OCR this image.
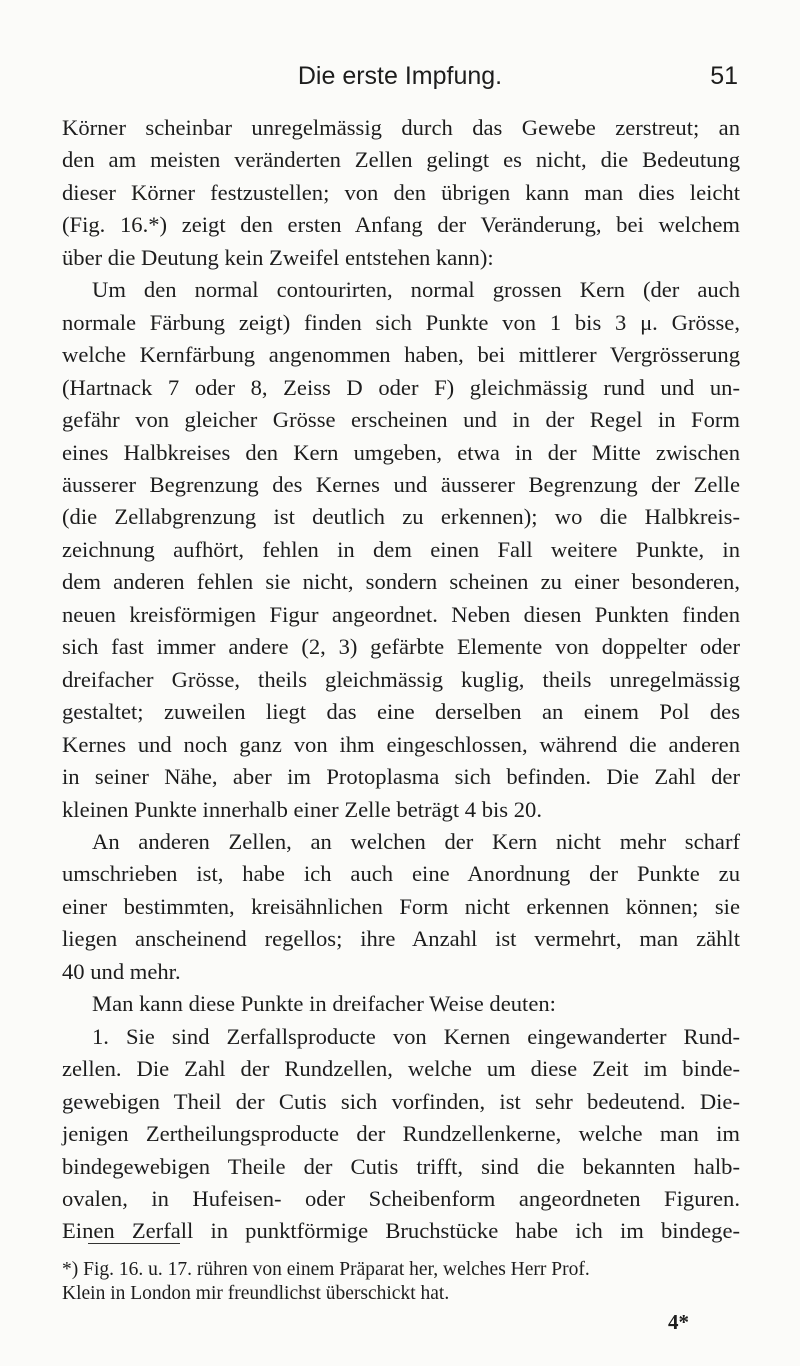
Die erste Impfung.	51

Körner scheinbar unregelmässig durch das Gewebe zerstreut; an

den am meisten veränderten Zellen gelingt es nicht, die Bedeutung

dieser Körner festzustellen; von den übrigen kann man dies leicht

(Fig. 16.*) zeigt den ersten Anfang der Veränderung, bei welchem

über die Deutung kein Zweifel entstehen kann):

Um den normal contourirten, normal grossen Kern (der auch

normale Färbung zeigt) finden sich Punkte von 1 bis 3 μ. Grösse,

welche Kernfärbung angenommen haben, bei mittlerer Vergrösserung

(Hartnack 7 oder 8, Zeiss D oder F) gleichmässig rund und un-

gefähr von gleicher Grösse erscheinen und in der Regel in Form

eines Halbkreises den Kern umgeben, etwa in der Mitte zwischen

äusserer Begrenzung des Kernes und äusserer Begrenzung der Zelle

(die Zellabgrenzung ist deutlich zu erkennen); wo die Halbkreis-

zeichnung aufhört, fehlen in dem einen Fall weitere Punkte, in

dem anderen fehlen sie nicht, sondern scheinen zu einer besonderen,

neuen kreisförmigen Figur angeordnet. Neben diesen Punkten finden

sich fast immer andere (2, 3) gefärbte Elemente von doppelter oder

dreifacher Grösse, theils gleichmässig kuglig, theils unregelmässig

gestaltet; zuweilen liegt das eine derselben an einem Pol des

Kernes und noch ganz von ihm eingeschlossen, während die anderen

in seiner Nähe, aber im Protoplasma sich befinden. Die Zahl der

kleinen Punkte innerhalb einer Zelle beträgt 4 bis 20.

An anderen Zellen, an welchen der Kern nicht mehr scharf

umschrieben ist, habe ich auch eine Anordnung der Punkte zu

einer bestimmten, kreisähnlichen Form nicht erkennen können; sie

liegen anscheinend regellos; ihre Anzahl ist vermehrt, man zählt

40 und mehr.

Man kann diese Punkte in dreifacher Weise deuten:

1. Sie sind Zerfallsproducte von Kernen eingewanderter Rund-

zellen. Die Zahl der Rundzellen, welche um diese Zeit im binde-

gewebigen Theil der Cutis sich vorfinden, ist sehr bedeutend. Die-

jenigen Zertheilungsproducte der Rundzellenkerne, welche man im

bindegewebigen Theile der Cutis trifft, sind die bekannten halb-

ovalen, in Hufeisen- oder Scheibenform angeordneten Figuren.

Einen Zerfall in punktförmige Bruchstücke habe ich im bindege-

*) Fig. 16. u. 17. rühren von einem Präparat her, welches Herr Prof.

Klein in London mir freundlichst überschickt hat.

4*
